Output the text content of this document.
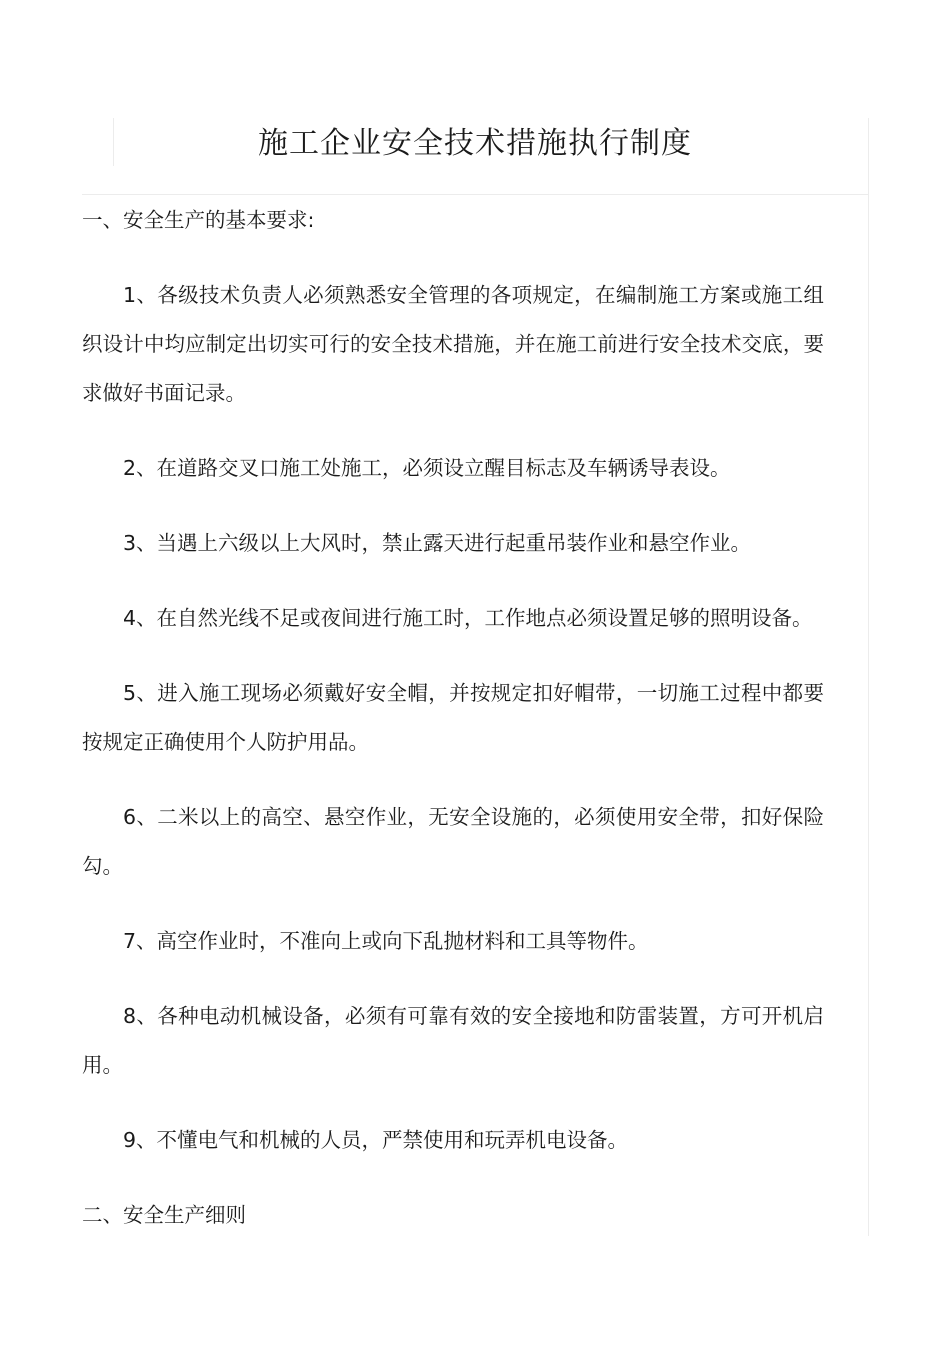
施工企业安全技术措施执行制度

一、安全生产的基本要求:

1、各级技术负责人必须熟悉安全管理的各项规定，在编制施工方案或施工组织设计中均应制定出切实可行的安全技术措施，并在施工前进行安全技术交底，要求做好书面记录。

2、在道路交叉口施工处施工，必须设立醒目标志及车辆诱导表设。

3、当遇上六级以上大风时，禁止露天进行起重吊装作业和悬空作业。

4、在自然光线不足或夜间进行施工时，工作地点必须设置足够的照明设备。

5、进入施工现场必须戴好安全帽，并按规定扣好帽带，一切施工过程中都要按规定正确使用个人防护用品。

6、二米以上的高空、悬空作业，无安全设施的，必须使用安全带，扣好保险勾。

7、高空作业时，不准向上或向下乱抛材料和工具等物件。

8、各种电动机械设备，必须有可靠有效的安全接地和防雷装置，方可开机启用。

9、不懂电气和机械的人员，严禁使用和玩弄机电设备。

二、安全生产细则
